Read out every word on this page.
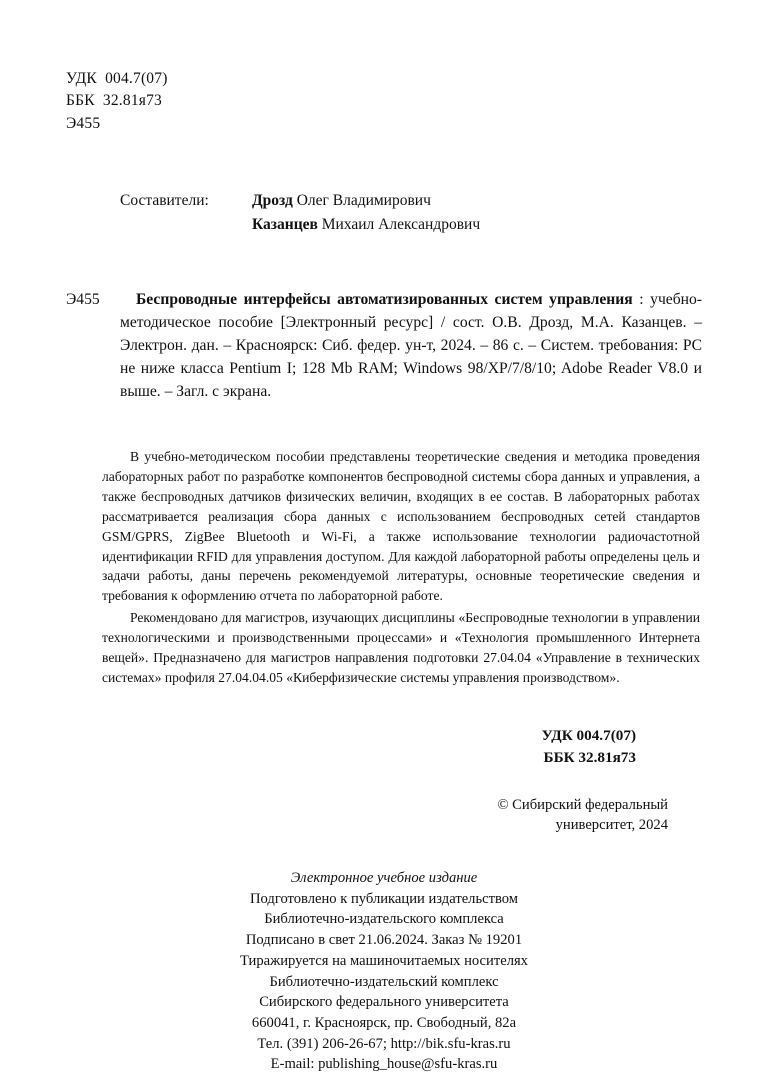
УДК  004.7(07)
ББК  32.81я73
Э455
Составители:	Дрозд Олег Владимирович
Казанцев Михаил Александрович
Э455	Беспроводные интерфейсы автоматизированных систем управления : учебно-методическое пособие [Электронный ресурс] / сост. О.В. Дрозд, М.А. Казанцев. – Электрон. дан. – Красноярск: Сиб. федер. ун-т, 2024. – 86 с. – Систем. требования: PC не ниже класса Pentium I; 128 Mb RAM; Windows 98/XP/7/8/10; Adobe Reader V8.0 и выше. – Загл. с экрана.

В учебно-методическом пособии представлены теоретические сведения и методика проведения лабораторных работ по разработке компонентов беспроводной системы сбора данных и управления, а также беспроводных датчиков физических величин, входящих в ее состав. В лабораторных работах рассматривается реализация сбора данных с использованием беспроводных сетей стандартов GSM/GPRS, ZigBee Bluetooth и Wi-Fi, а также использование технологии радиочастотной идентификации RFID для управления доступом. Для каждой лабораторной работы определены цель и задачи работы, даны перечень рекомендуемой литературы, основные теоретические сведения и требования к оформлению отчета по лабораторной работе.

Рекомендовано для магистров, изучающих дисциплины «Беспроводные технологии в управлении технологическими и производственными процессами» и «Технология промышленного Интернета вещей». Предназначено для магистров направления подготовки 27.04.04 «Управление в технических системах» профиля 27.04.04.05 «Киберфизические системы управления производством».

УДК 004.7(07)
ББК 32.81я73
© Сибирский федеральный
университет, 2024
Электронное учебное издание
Подготовлено к публикации издательством
Библиотечно-издательского комплекса
Подписано в свет 21.06.2024. Заказ № 19201
Тиражируется на машиночитаемых носителях
Библиотечно-издательский комплекс
Сибирского федерального университета
660041, г. Красноярск, пр. Свободный, 82а
Тел. (391) 206-26-67; http://bik.sfu-kras.ru
E-mail: publishing_house@sfu-kras.ru
